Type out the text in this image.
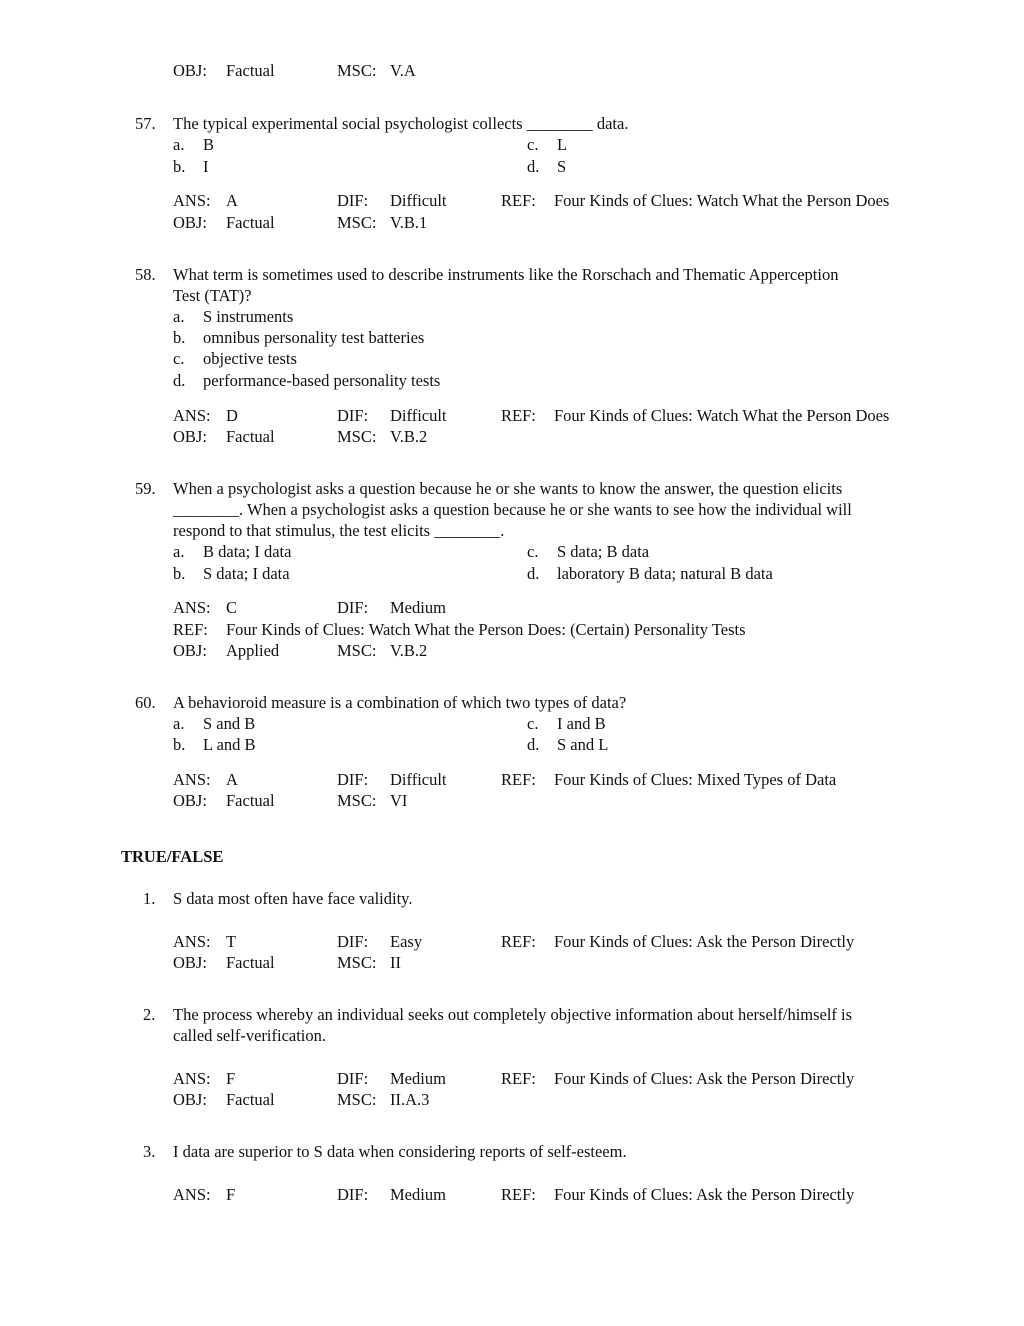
OBJ: Factual	MSC: V.A
57. The typical experimental social psychologist collects ________ data.
a. B	c. L
b. I	d. S
ANS: A	DIF: Difficult	REF: Four Kinds of Clues: Watch What the Person Does
OBJ: Factual	MSC: V.B.1
58. What term is sometimes used to describe instruments like the Rorschach and Thematic Apperception
Test (TAT)?
a. S instruments
b. omnibus personality test batteries
c. objective tests
d. performance-based personality tests
ANS: D	DIF: Difficult	REF: Four Kinds of Clues: Watch What the Person Does
OBJ: Factual	MSC: V.B.2
59. When a psychologist asks a question because he or she wants to know the answer, the question elicits
________. When a psychologist asks a question because he or she wants to see how the individual will
respond to that stimulus, the test elicits ________.
a. B data; I data	c. S data; B data
b. S data; I data	d. laboratory B data; natural B data
ANS: C	DIF: Medium
REF: Four Kinds of Clues: Watch What the Person Does: (Certain) Personality Tests
OBJ: Applied	MSC: V.B.2
60. A behavioroid measure is a combination of which two types of data?
a. S and B	c. I and B
b. L and B	d. S and L
ANS: A	DIF: Difficult	REF: Four Kinds of Clues: Mixed Types of Data
OBJ: Factual	MSC: VI
TRUE/FALSE
1. S data most often have face validity.
ANS: T	DIF: Easy	REF: Four Kinds of Clues: Ask the Person Directly
OBJ: Factual	MSC: II
2. The process whereby an individual seeks out completely objective information about herself/himself is
called self-verification.
ANS: F	DIF: Medium	REF: Four Kinds of Clues: Ask the Person Directly
OBJ: Factual	MSC: II.A.3
3. I data are superior to S data when considering reports of self-esteem.
ANS: F	DIF: Medium	REF: Four Kinds of Clues: Ask the Person Directly
